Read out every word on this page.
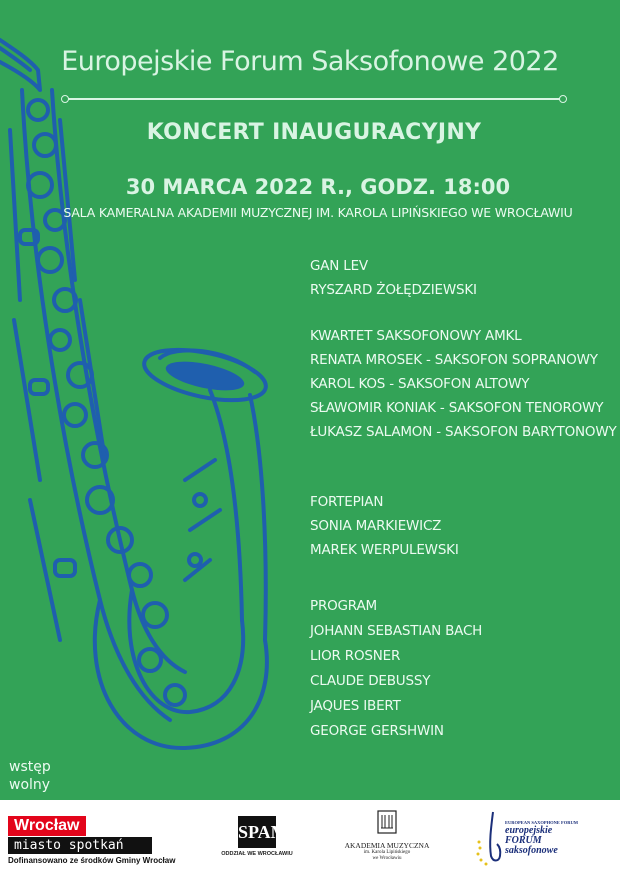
Europejskie Forum Saksofonowe 2022
KONCERT INAUGURACYJNY
30 MARCA 2022 R., GODZ. 18:00
SALA KAMERALNA AKADEMII MUZYCZNEJ IM. KAROLA LIPIŃSKIEGO WE WROCŁAWIU
GAN LEV
RYSZARD ŻOŁĘDZIEWSKI
KWARTET SAKSOFONOWY AMKL
RENATA MROSEK - SAKSOFON SOPRANOWY
KAROL KOS - SAKSOFON ALTOWY
SŁAWOMIR KONIAK - SAKSOFON TENOROWY
ŁUKASZ SALAMON - SAKSOFON BARYTONOWY
FORTEPIAN
SONIA MARKIEWICZ
MAREK WERPULEWSKI
PROGRAM
JOHANN SEBASTIAN BACH
LIOR ROSNER
CLAUDE DEBUSSY
JAQUES IBERT
GEORGE GERSHWIN
wstęp
wolny
Wrocław
miasto spotkań
Dofinansowano ze środków Gminy Wrocław
SPAM
ODDZIAŁ WE WROCŁAWIU
AKADEMIA MUZYCZNA
im. Karola Lipińskiego
we Wrocławiu
EUROPEAN SAXOPHONE FORUM
europejskie
FORUM
saksofonowe
